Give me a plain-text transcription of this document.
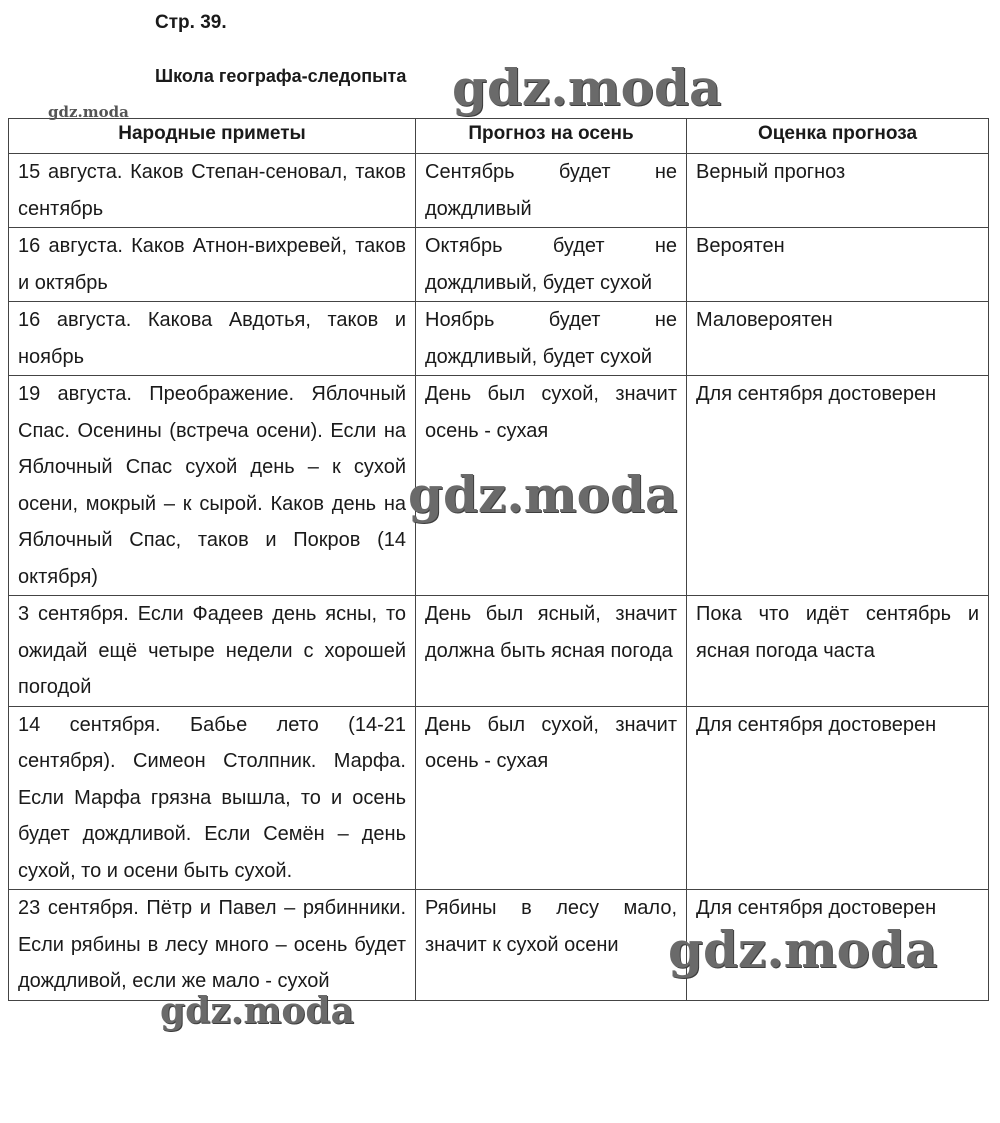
Стр. 39.
Школа географа-следопыта
Народные приметы	Прогноз на осень	Оценка прогноза
15 августа. Каков Степан-сеновал, таков сентябрь	Сентябрь будет не дождливый	Верный прогноз
16 августа. Каков Атнон-вихревей, таков и октябрь	Октябрь будет не дождливый, будет сухой	Вероятен
16 августа. Какова Авдотья, таков и ноябрь	Ноябрь будет не дождливый, будет сухой	Маловероятен
19 августа. Преображение. Яблочный Спас. Осенины (встреча осени). Если на Яблочный Спас сухой день – к сухой осени, мокрый – к сырой. Каков день на Яблочный Спас, таков и Покров (14 октября)	День был сухой, значит осень - сухая	Для сентября достоверен
3 сентября. Если Фадеев день ясны, то ожидай ещё четыре недели с хорошей погодой	День был ясный, значит должна быть ясная погода	Пока что идёт сентябрь и ясная погода часта
14 сентября. Бабье лето (14-21 сентября). Симеон Столпник. Марфа. Если Марфа грязна вышла, то и осень будет дождливой. Если Семён – день сухой, то и осени быть сухой.	День был сухой, значит осень - сухая	Для сентября достоверен
23 сентября. Пётр и Павел – рябинники. Если рябины в лесу много – осень будет дождливой, если же мало - сухой	Рябины в лесу мало, значит к сухой осени	Для сентября достоверен
gdz.moda	gdz.moda
gdz.moda
gdz.moda
gdz.moda
